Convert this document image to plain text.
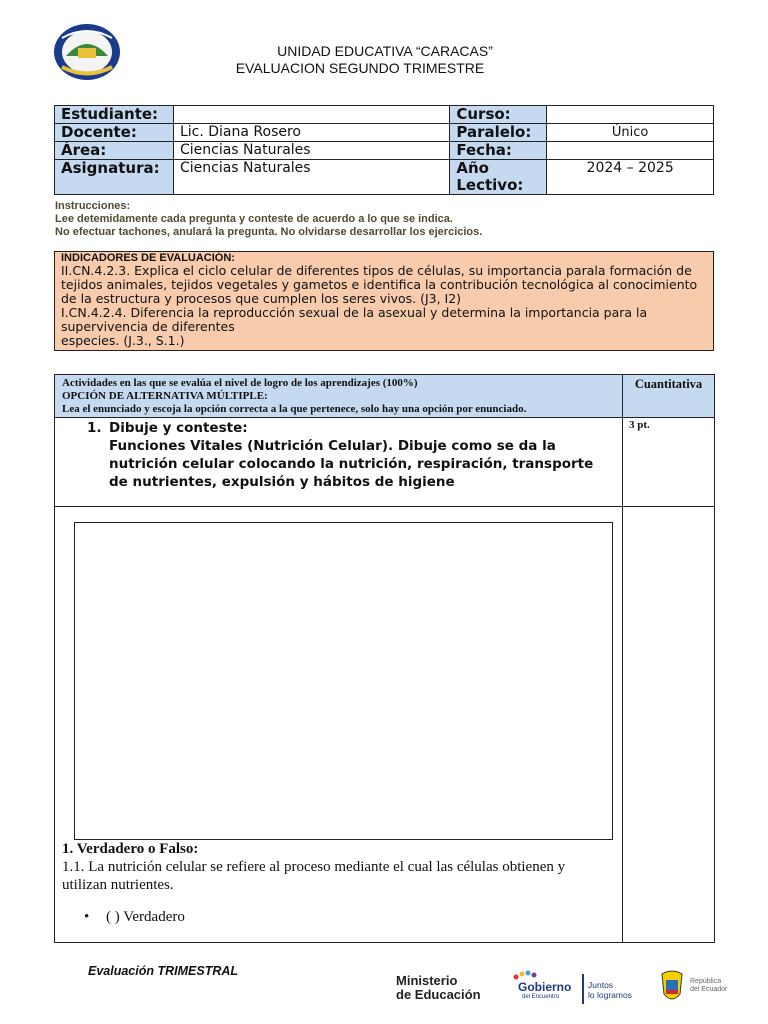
UNIDAD EDUCATIVA “CARACAS”
EVALUACION SEGUNDO TRIMESTRE
Estudiante:		Curso:	
Docente:	Lic. Diana Rosero	Paralelo:	Único
Área:	Ciencias Naturales	Fecha:	
Asignatura:	Ciencias Naturales	Año
Lectivo:	2024 – 2025
Instrucciones:
Lee detemidamente cada pregunta y conteste de acuerdo a lo que se indica.
No efectuar tachones, anulará la pregunta. No olvidarse desarrollar los ejercicios.
INDICADORES DE EVALUACIÓN:
II.CN.4.2.3. Explica el ciclo celular de diferentes tipos de células, su importancia parala formación de tejidos animales, tejidos vegetales y gametos e identifica la contribución tecnológica al conocimiento de la estructura y procesos que cumplen los seres vivos. (J3, I2)
I.CN.4.2.4. Diferencia la reproducción sexual de la asexual y determina la importancia para la supervivencia de diferentes
especies. (J.3., S.1.)
Actividades en las que se evalúa el nivel de logro de los aprendizajes (100%)
OPCIÓN DE ALTERNATIVA MÚLTIPLE:
Lea el enunciado y escoja la opción correcta a la que pertenece, solo hay una opción por enunciado.
Cuantitativa
1. Dibuje y conteste:
Funciones Vitales (Nutrición Celular). Dibuje como se da la nutrición celular colocando la nutrición, respiración, transporte de nutrientes, expulsión y hábitos de higiene
3 pt.
1. Verdadero o Falso:
1.1. La nutrición celular se refiere al proceso mediante el cual las células obtienen y utilizan nutrientes.
• ( ) Verdadero
Evaluación TRIMESTRAL
Ministerio
de Educación	Gobierno
del Encuentro
Juntos
lo logramos
República
del Ecuador
